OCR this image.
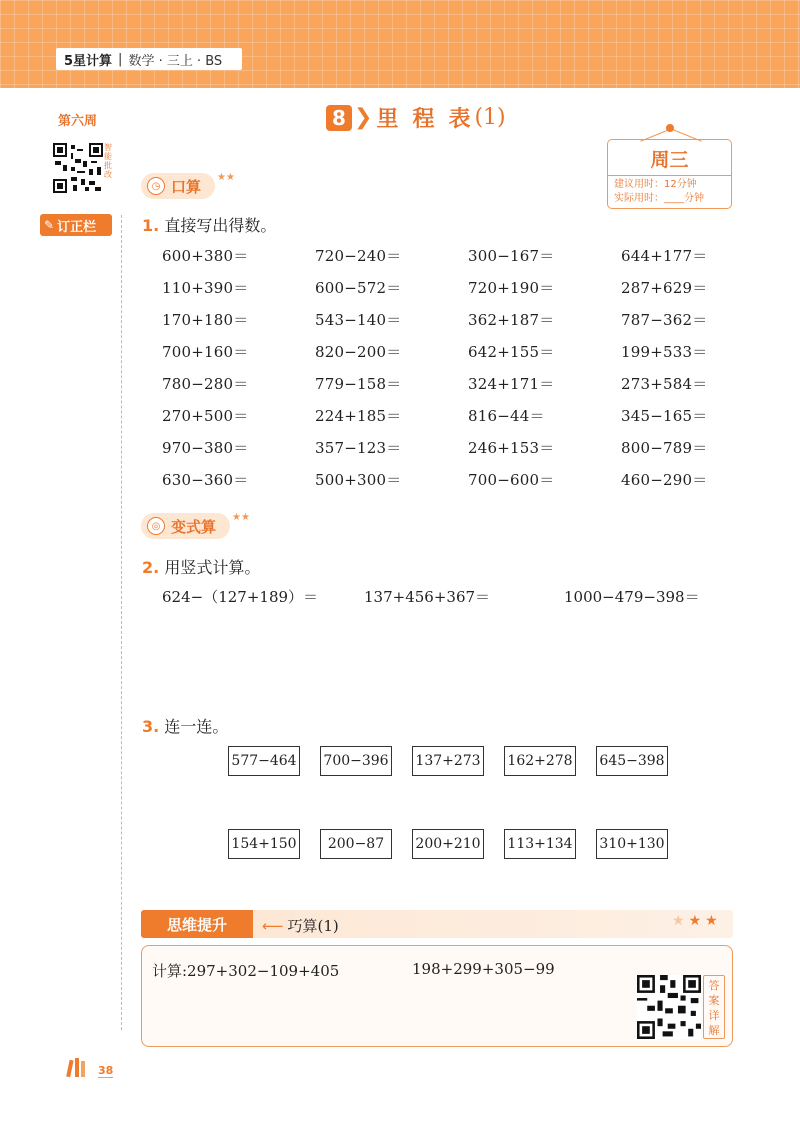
5星计算 | 数学 · 三上 · BS
第六周
智能批改
✎ 订正栏
8 ❯ 里程表
(1)
周三
建议用时：12分钟
实际用时：____分钟
◷ 口算 ★★
1. 直接写出得数。
600+380＝	720−240＝	300−167＝	644+177＝
110+390＝	600−572＝	720+190＝	287+629＝
170+180＝	543−140＝	362+187＝	787−362＝
700+160＝	820−200＝	642+155＝	199+533＝
780−280＝	779−158＝	324+171＝	273+584＝
270+500＝	224+185＝	816−44＝	345−165＝
970−380＝	357−123＝	246+153＝	800−789＝
630−360＝	500+300＝	700−600＝	460−290＝
◎ 变式算 ★★
2. 用竖式计算。
624−（127+189）＝	137+456+367＝	1000−479−398＝
3. 连一连。
577−464 700−396 137+273 162+278 645−398
154+150	200−87	200+210 113+134 310+130
思维提升	⟵ 巧算(1)	★★★
计算:297+302−109+405	198+299+305−99
答案详解
38
